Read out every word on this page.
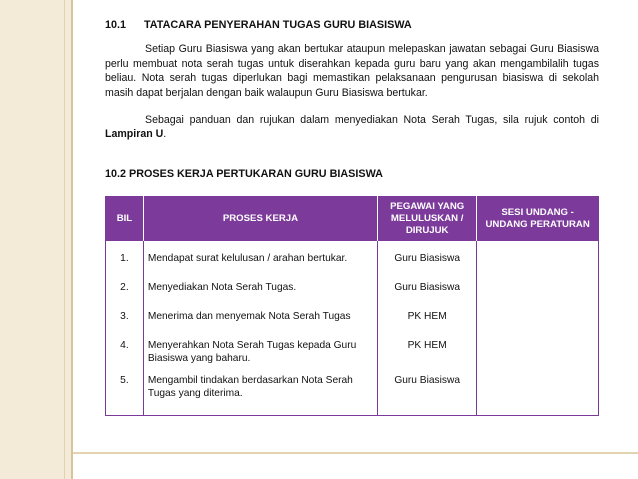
10.1 TATACARA PENYERAHAN TUGAS GURU BIASISWA

Setiap Guru Biasiswa yang akan bertukar ataupun melepaskan jawatan sebagai Guru Biasiswa perlu membuat nota serah tugas untuk diserahkan kepada guru baru yang akan mengambilalih tugas beliau. Nota serah tugas diperlukan bagi memastikan pelaksanaan pengurusan biasiswa di sekolah masih dapat berjalan dengan baik walaupun Guru Biasiswa bertukar.

Sebagai panduan dan rujukan dalam menyediakan Nota Serah Tugas, sila rujuk contoh di Lampiran U.

10.2 PROSES KERJA PERTUKARAN GURU BIASISWA
BIL	PROSES KERJA	PEGAWAI YANG MELULUSKAN / DIRUJUK	SESI UNDANG - UNDANG PERATURAN

1.	Mendapat surat kelulusan / arahan bertukar.	Guru Biasiswa	
2.	Menyediakan Nota Serah Tugas.	Guru Biasiswa	
3.	Menerima dan menyemak Nota Serah Tugas	PK HEM	
4.	Menyerahkan Nota Serah Tugas kepada Guru Biasiswa yang baharu.	PK HEM	
5.	Mengambil tindakan berdasarkan Nota Serah Tugas yang diterima.	Guru Biasiswa	
